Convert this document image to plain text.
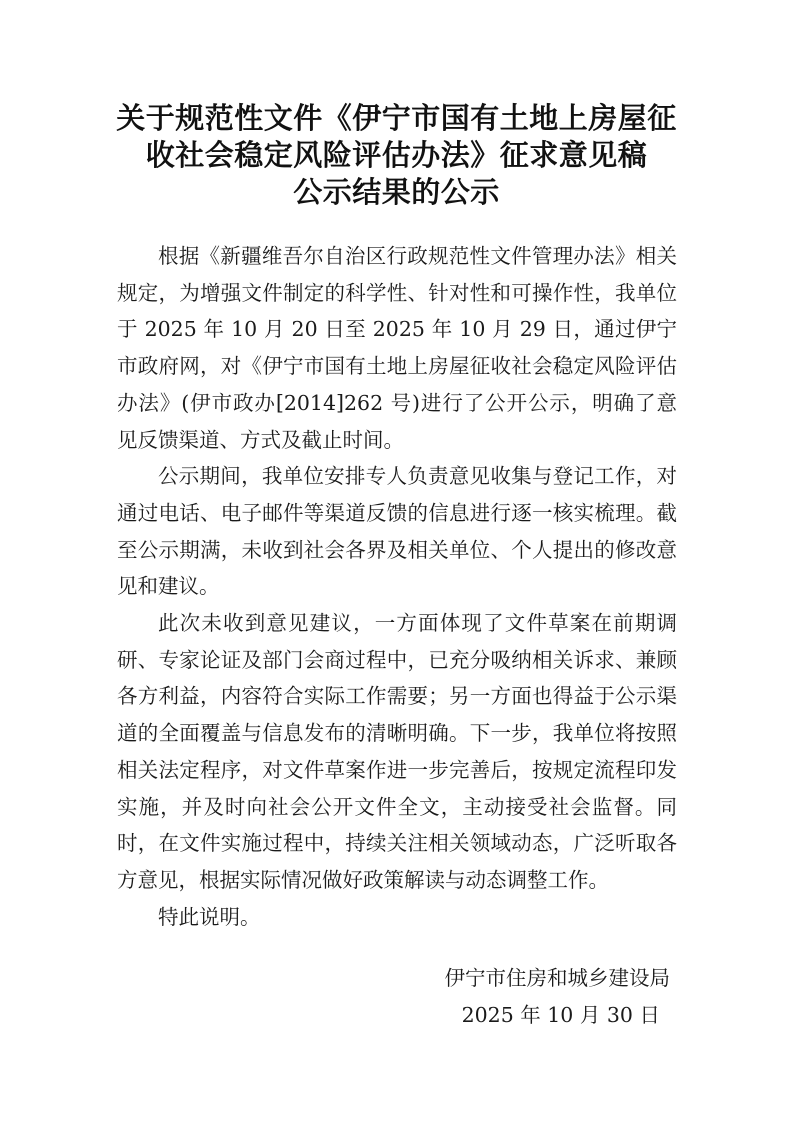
关于规范性文件《伊宁市国有土地上房屋征
收社会稳定风险评估办法》征求意见稿
公示结果的公示

根据《新疆维吾尔自治区行政规范性文件管理办法》相关规定，为增强文件制定的科学性、针对性和可操作性，我单位于 2025 年 10 月 20 日至 2025 年 10 月 29 日，通过伊宁市政府网，对《伊宁市国有土地上房屋征收社会稳定风险评估办法》(伊市政办[2014]262 号)进行了公开公示，明确了意见反馈渠道、方式及截止时间。

公示期间，我单位安排专人负责意见收集与登记工作，对通过电话、电子邮件等渠道反馈的信息进行逐一核实梳理。截至公示期满，未收到社会各界及相关单位、个人提出的修改意见和建议。

此次未收到意见建议，一方面体现了文件草案在前期调研、专家论证及部门会商过程中，已充分吸纳相关诉求、兼顾各方利益，内容符合实际工作需要；另一方面也得益于公示渠道的全面覆盖与信息发布的清晰明确。下一步，我单位将按照相关法定程序，对文件草案作进一步完善后，按规定流程印发实施，并及时向社会公开文件全文，主动接受社会监督。同时，在文件实施过程中，持续关注相关领域动态，广泛听取各方意见，根据实际情况做好政策解读与动态调整工作。

特此说明。

伊宁市住房和城乡建设局
2025 年 10 月 30 日
